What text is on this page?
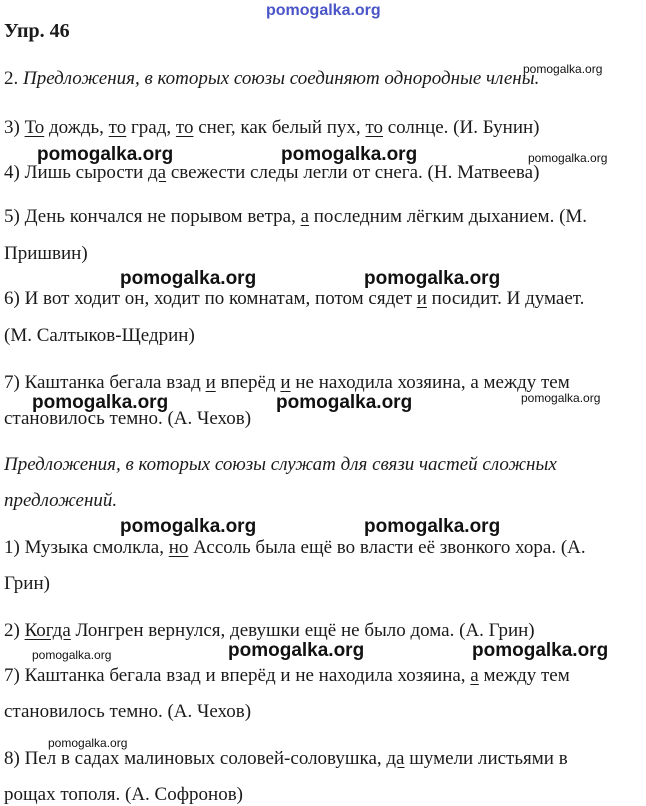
pomogalka.org
pomogalka.org
pomogalka.org	pomogalka.org	pomogalka.org
pomogalka.org	pomogalka.org
pomogalka.org	pomogalka.org	pomogalka.org
pomogalka.org	pomogalka.org
pomogalka.org	pomogalka.org	pomogalka.org
pomogalka.org
Упр. 46
2. Предложения, в которых союзы соединяют однородные члены.
3) То дождь, то град, то снег, как белый пух, то солнце. (И. Бунин)
4) Лишь сырости да свежести следы легли от снега. (Н. Матвеева)
5) День кончался не порывом ветра, а последним лёгким дыханием. (М.
Пришвин)
6) И вот ходит он, ходит по комнатам, потом сядет и посидит. И думает.
(М. Салтыков-Щедрин)
7) Каштанка бегала взад и вперёд и не находила хозяина, а между тем
становилось темно. (А. Чехов)
Предложения, в которых союзы служат для связи частей сложных
предложений.
1) Музыка смолкла, но Ассоль была ещё во власти её звонкого хора. (А.
Грин)
2) Когда Лонгрен вернулся, девушки ещё не было дома. (А. Грин)
7) Каштанка бегала взад и вперёд и не находила хозяина, а между тем
становилось темно. (А. Чехов)
8) Пел в садах малиновых соловей-соловушка, да шумели листьями в
рощах тополя. (А. Софронов)
